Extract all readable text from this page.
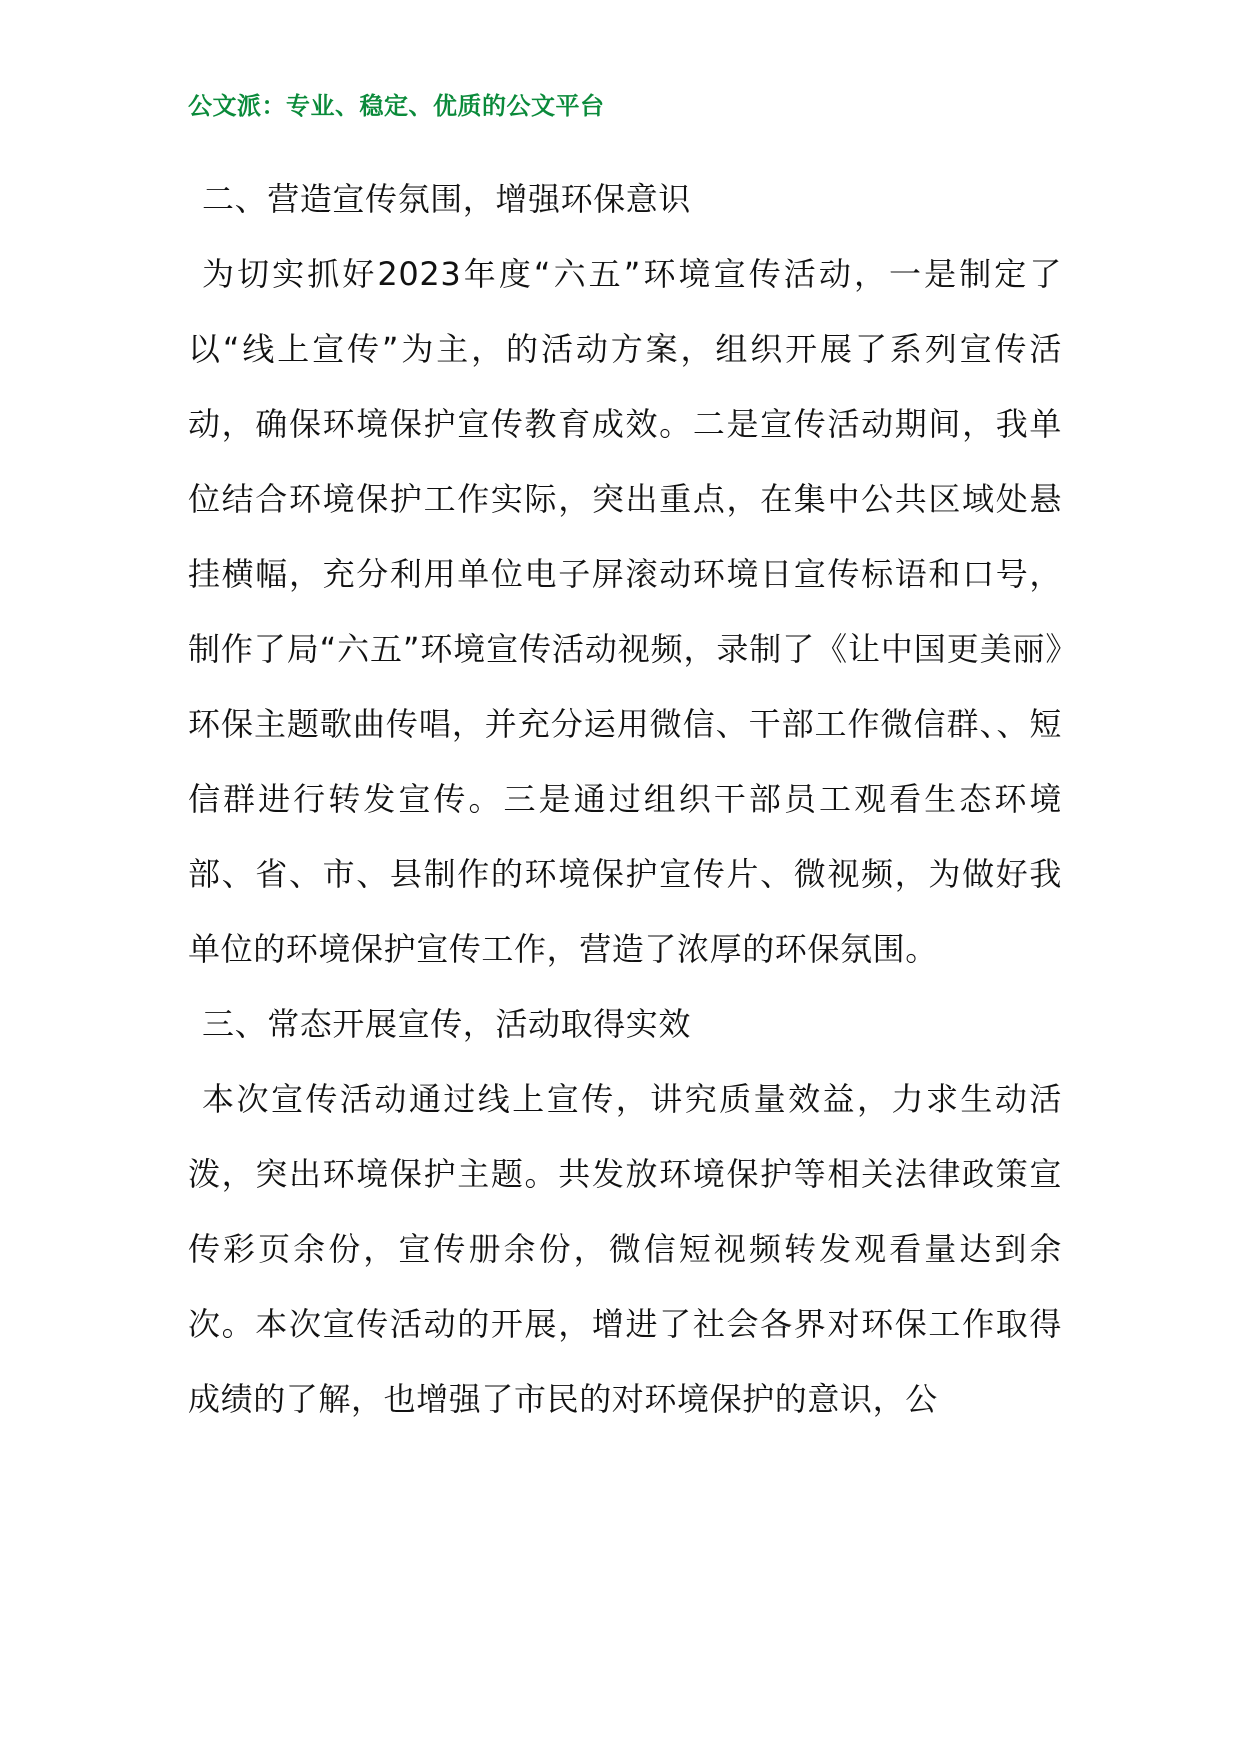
公文派：专业、稳定、优质的公文平台

二、营造宣传氛围，增强环保意识

为切实抓好2023年度“六五”环境宣传活动，一是制定了以“线上宣传”为主，的活动方案，组织开展了系列宣传活动，确保环境保护宣传教育成效。二是宣传活动期间，我单位结合环境保护工作实际，突出重点，在集中公共区域处悬挂横幅，充分利用单位电子屏滚动环境日宣传标语和口号，制作了局“六五”环境宣传活动视频，录制了《让中国更美丽》环保主题歌曲传唱，并充分运用微信、干部工作微信群、、短信群进行转发宣传。三是通过组织干部员工观看生态环境部、省、市、县制作的环境保护宣传片、微视频，为做好我单位的环境保护宣传工作，营造了浓厚的环保氛围。

三、常态开展宣传，活动取得实效

本次宣传活动通过线上宣传，讲究质量效益，力求生动活泼，突出环境保护主题。共发放环境保护等相关法律政策宣传彩页余份，宣传册余份，微信短视频转发观看量达到余次。本次宣传活动的开展，增进了社会各界对环保工作取得成绩的了解，也增强了市民的对环境保护的意识，公
